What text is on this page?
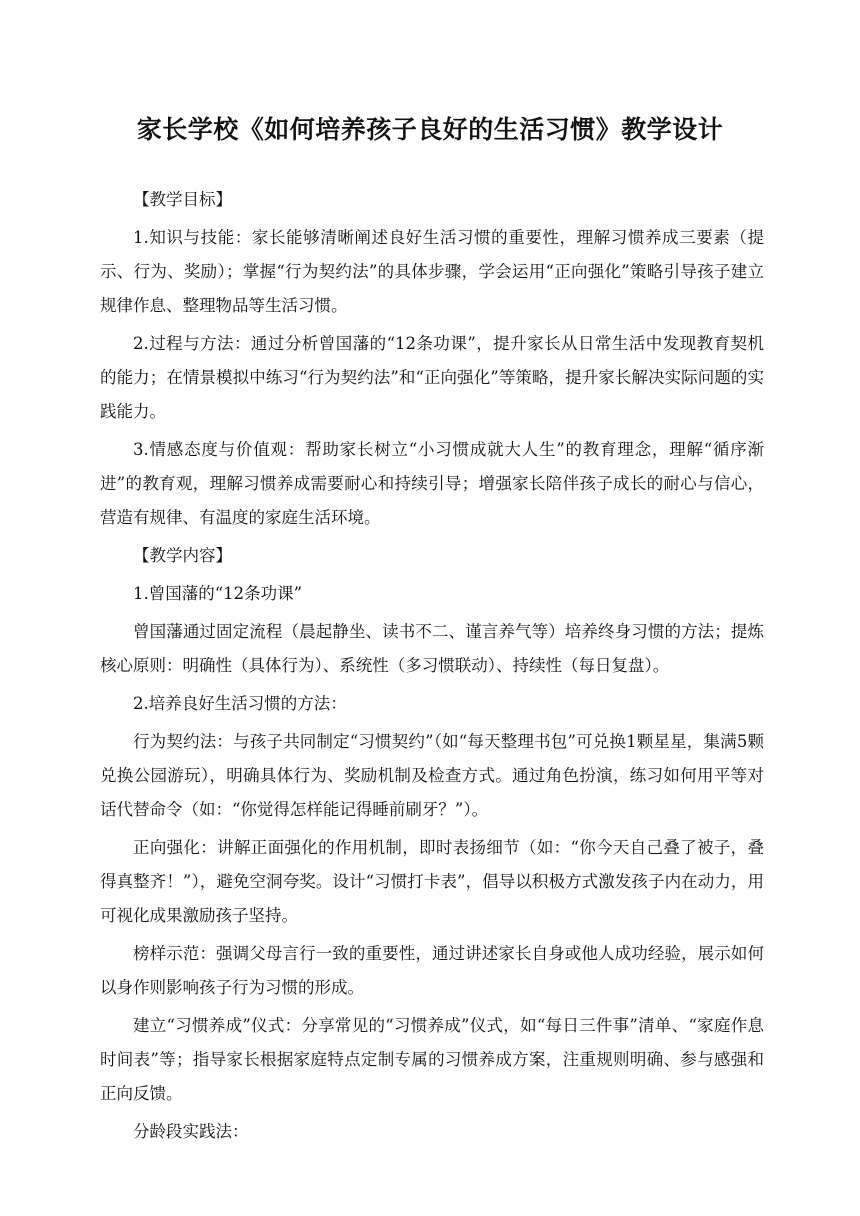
家长学校《如何培养孩子良好的生活习惯》教学设计

【教学目标】

1.知识与技能：家长能够清晰阐述良好生活习惯的重要性，理解习惯养成三要素（提示、行为、奖励）；掌握“行为契约法”的具体步骤，学会运用“正向强化”策略引导孩子建立规律作息、整理物品等生活习惯。

2.过程与方法：通过分析曾国藩的“12条功课”，提升家长从日常生活中发现教育契机的能力；在情景模拟中练习“行为契约法”和“正向强化”等策略，提升家长解决实际问题的实践能力。

3.情感态度与价值观：帮助家长树立“小习惯成就大人生”的教育理念，理解“循序渐进”的教育观，理解习惯养成需要耐心和持续引导；增强家长陪伴孩子成长的耐心与信心，营造有规律、有温度的家庭生活环境。

【教学内容】

1.曾国藩的“12条功课”

曾国藩通过固定流程（晨起静坐、读书不二、谨言养气等）培养终身习惯的方法；提炼核心原则：明确性（具体行为）、系统性（多习惯联动）、持续性（每日复盘）。

2.培养良好生活习惯的方法：

行为契约法：与孩子共同制定“习惯契约”（如“每天整理书包”可兑换1颗星星，集满5颗兑换公园游玩），明确具体行为、奖励机制及检查方式。通过角色扮演，练习如何用平等对话代替命令（如：“你觉得怎样能记得睡前刷牙？”）。

正向强化：讲解正面强化的作用机制，即时表扬细节（如：“你今天自己叠了被子，叠得真整齐！”），避免空洞夸奖。设计“习惯打卡表”，倡导以积极方式激发孩子内在动力，用可视化成果激励孩子坚持。

榜样示范：强调父母言行一致的重要性，通过讲述家长自身或他人成功经验，展示如何以身作则影响孩子行为习惯的形成。

建立“习惯养成”仪式：分享常见的“习惯养成”仪式，如“每日三件事”清单、“家庭作息时间表”等；指导家长根据家庭特点定制专属的习惯养成方案，注重规则明确、参与感强和正向反馈。

分龄段实践法：
